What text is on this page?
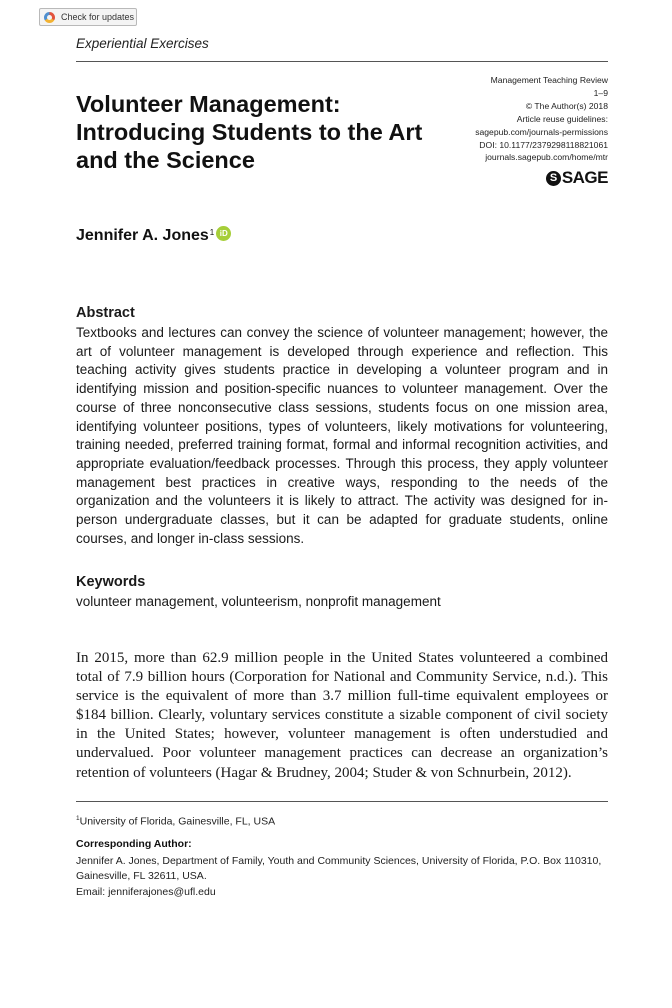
Check for updates
Experiential Exercises
Management Teaching Review
1–9
© The Author(s) 2018
Article reuse guidelines:
sagepub.com/journals-permissions
DOI: 10.1177/2379298118821061
journals.sagepub.com/home/mtr
S SAGE
Volunteer Management: Introducing Students to the Art and the Science
Jennifer A. Jones$^1$ iD
Abstract

Textbooks and lectures can convey the science of volunteer management; however, the art of volunteer management is developed through experience and reflection. This teaching activity gives students practice in developing a volunteer program and in identifying mission and position-specific nuances to volunteer management. Over the course of three nonconsecutive class sessions, students focus on one mission area, identifying volunteer positions, types of volunteers, likely motivations for volunteering, training needed, preferred training format, formal and informal recognition activities, and appropriate evaluation/feedback processes. Through this process, they apply volunteer management best practices in creative ways, responding to the needs of the organization and the volunteers it is likely to attract. The activity was designed for in-person undergraduate classes, but it can be adapted for graduate students, online courses, and longer in-class sessions.

Keywords
volunteer management, volunteerism, nonprofit management

In 2015, more than 62.9 million people in the United States volunteered a combined total of 7.9 billion hours (Corporation for National and Community Service, n.d.). This service is the equivalent of more than 3.7 million full-time equivalent employees or $184 billion. Clearly, voluntary services constitute a sizable component of civil society in the United States; however, volunteer management is often understudied and undervalued. Poor volunteer management practices can decrease an organization’s retention of volunteers (Hagar & Brudney, 2004; Studer & von Schnurbein, 2012).

$^1$University of Florida, Gainesville, FL, USA
Corresponding Author:
Jennifer A. Jones, Department of Family, Youth and Community Sciences, University of Florida, P.O. Box 110310, Gainesville, FL 32611, USA.
Email: jenniferajones@ufl.edu
